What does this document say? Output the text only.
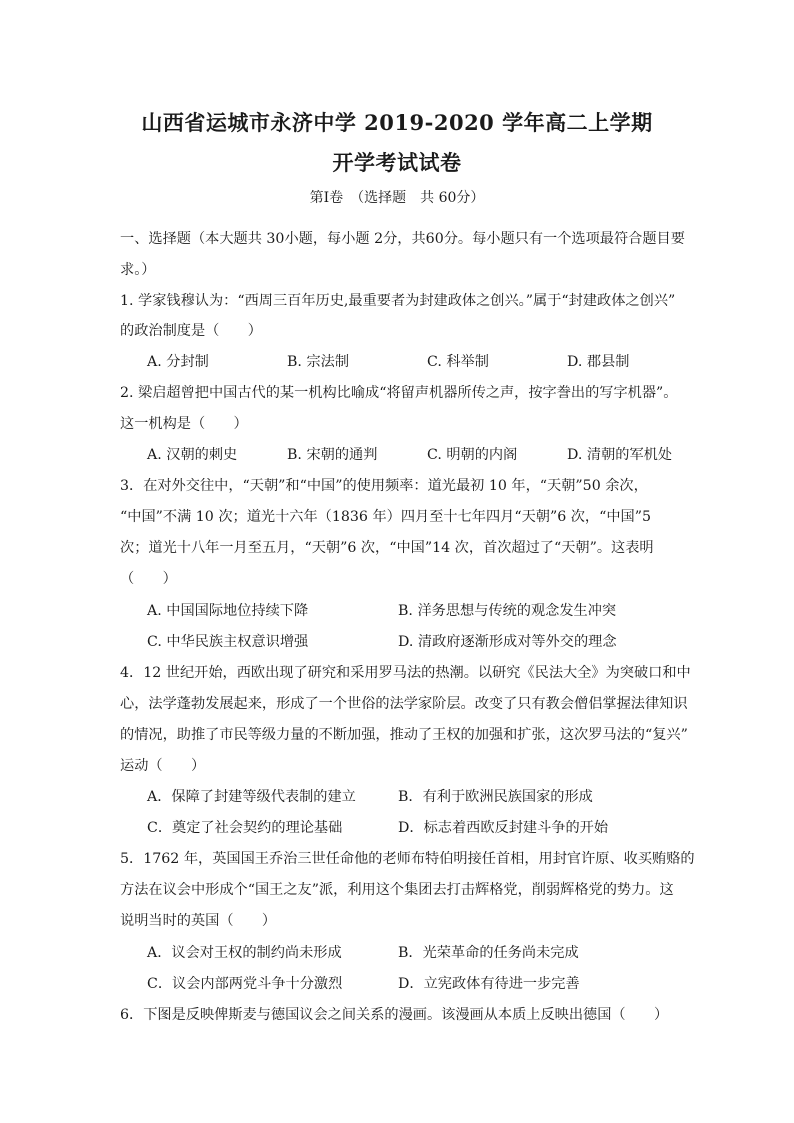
山西省运城市永济中学 2019-2020 学年高二上学期
开学考试试卷
第Ⅰ卷　（选择题　共 60分）
一、选择题（本大题共 30小题，每小题 2分，共60分。每小题只有一个选项最符合题目要
求。）
1. 学家钱穆认为：“西周三百年历史,最重要者为封建政体之创兴。”属于“封建政体之创兴”
的政治制度是（　　）
A. 分封制	B. 宗法制	C. 科举制	D. 郡县制
2. 梁启超曾把中国古代的某一机构比喻成“将留声机器所传之声，按字誊出的写字机器”。
这一机构是（　　）
A. 汉朝的刺史	B. 宋朝的通判	C. 明朝的内阁	D. 清朝的军机处
3．在对外交往中，“天朝”和“中国”的使用频率：道光最初 10 年，“天朝”50 余次，
“中国”不满 10 次；道光十六年（1836 年）四月至十七年四月“天朝”6 次，“中国”5
次；道光十八年一月至五月，“天朝”6 次，“中国”14 次，首次超过了“天朝”。这表明
（　　）
A. 中国国际地位持续下降	B. 洋务思想与传统的观念发生冲突
C. 中华民族主权意识增强	D. 清政府逐渐形成对等外交的理念
4．12 世纪开始，西欧出现了研究和采用罗马法的热潮。以研究《民法大全》为突破口和中
心，法学蓬勃发展起来，形成了一个世俗的法学家阶层。改变了只有教会僧侣掌握法律知识
的情况，助推了市民等级力量的不断加强，推动了王权的加强和扩张，这次罗马法的“复兴”
运动（　　）
A．保障了封建等级代表制的建立	B．有利于欧洲民族国家的形成
C．奠定了社会契约的理论基础	D．标志着西欧反封建斗争的开始
5．1762 年，英国国王乔治三世任命他的老师布特伯明接任首相，用封官许原、收买贿赂的
方法在议会中形成个“国王之友”派，利用这个集团去打击辉格党，削弱辉格党的势力。这
说明当时的英国（　　）
A．议会对王权的制约尚未形成	B．光荣革命的任务尚未完成
C．议会内部两党斗争十分激烈	D．立宪政体有待进一步完善
6．下图是反映俾斯麦与德国议会之间关系的漫画。该漫画从本质上反映出德国（　　）
